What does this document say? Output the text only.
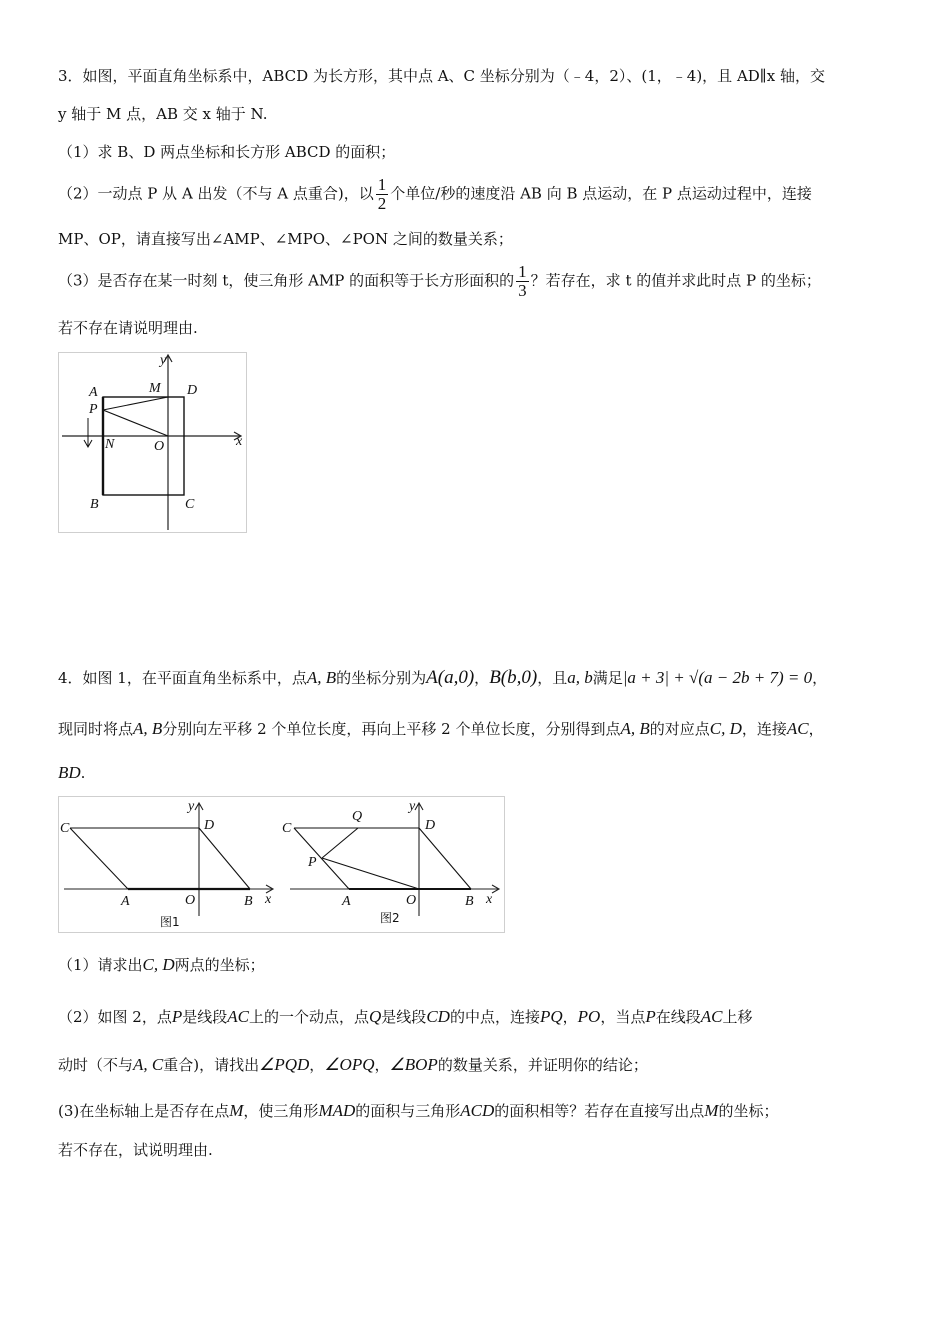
3．如图，平面直角坐标系中，ABCD 为长方形，其中点 A、C 坐标分别为（﹣4，2）、(1，﹣4)，且 AD∥x 轴，交
y 轴于 M 点，AB 交 x 轴于 N.
（1）求 B、D 两点坐标和长方形 ABCD 的面积；
（2）一动点 P 从 A 出发（不与 A 点重合)，以 $\frac{1}{2}$ 个单位/秒的速度沿 AB 向 B 点运动，在 P 点运动过程中，连接
MP、OP，请直接写出∠AMP、∠MPO、∠PON 之间的数量关系；
（3）是否存在某一时刻 t，使三角形 AMP 的面积等于长方形面积的 $\frac{1}{3}$ ？若存在，求 t 的值并求此时点 P 的坐标；
若不存在请说明理由.
y
x
A	M D
P
N	O
B	C
4．如图 1，在平面直角坐标系中，点A, B的坐标分别为A(a,0)，B(b,0)，且a, b满足|a + 3| + √(a − 2b + 7) = 0，
现同时将点A, B分别向左平移 2 个单位长度，再向上平移 2 个单位长度，分别得到点A, B的对应点C, D，连接AC，
BD.
C	D
y
A	O	B x
图1
C
Q
D
y
P
A	O	B x
图2
（1）请求出C, D两点的坐标；
（2）如图 2，点P是线段AC上的一个动点，点Q是线段CD的中点，连接PQ，PO，当点P在线段AC上移
动时（不与A, C重合)，请找出∠PQD，∠OPQ，∠BOP的数量关系，并证明你的结论；
(3)在坐标轴上是否存在点M，使三角形MAD的面积与三角形ACD的面积相等？若存在直接写出点M的坐标；
若不存在，试说明理由.
